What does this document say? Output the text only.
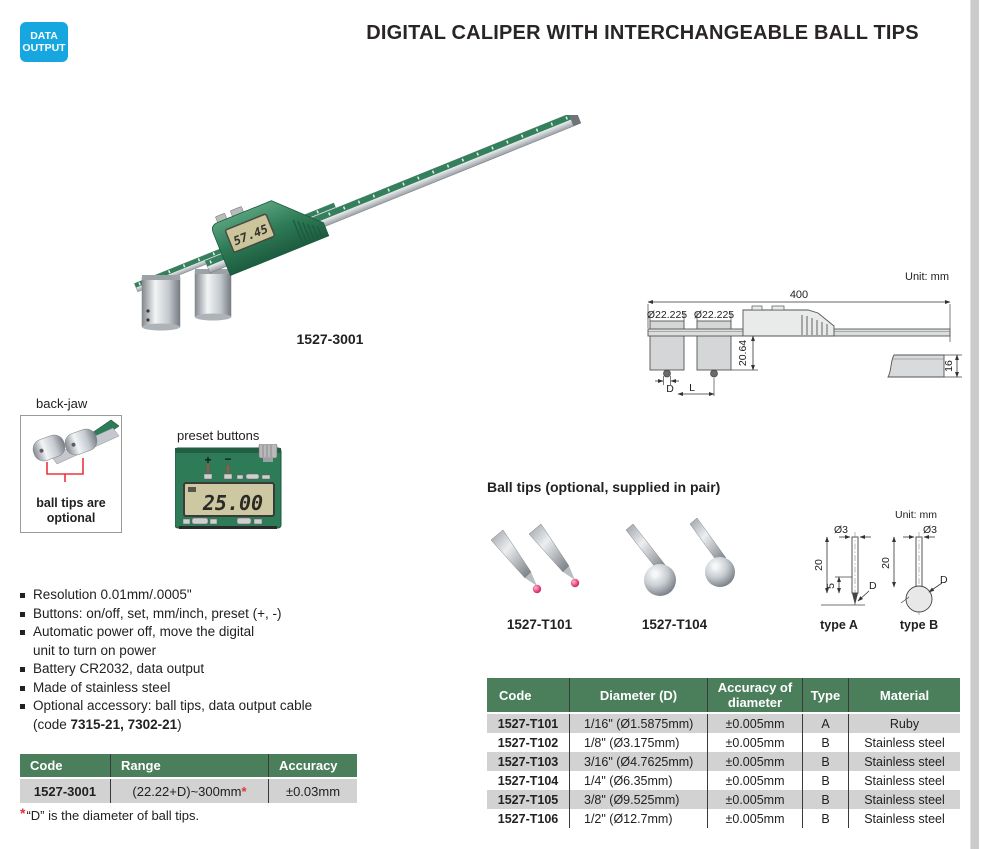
DATA
OUTPUT
DIGITAL CALIPER WITH INTERCHANGEABLE BALL TIPS
57.45
1527-3001
Unit: mm
400
Ø22.225 Ø22.225
20.64
D L
16
back-jaw
ball tips are
optional
preset buttons
+ −
25.00
Resolution 0.01mm/.0005"
Buttons: on/off, set, mm/inch, preset (+, -)
Automatic power off, move the digital
unit to turn on power
Battery CR2032, data output
Made of stainless steel
Optional accessory: ball tips, data output cable
(code 7315-21, 7302-21)
Code	Range	Accuracy
1527-3001	(22.22+D)~300mm *	±0.03mm
*“D” is the diameter of ball tips.
Ball tips (optional, supplied in pair)
1527-T101	1527-T104
Unit: mm
Ø3
20
5	D
type A
Ø3
20
D
type B
Code	Diameter (D)	Accuracy of diameter	Type	Material
1527-T101	1/16" (Ø1.5875mm)	±0.005mm	A	Ruby
1527-T102	1/8" (Ø3.175mm)	±0.005mm	B	Stainless steel
1527-T103	3/16" (Ø4.7625mm)	±0.005mm	B	Stainless steel
1527-T104	1/4" (Ø6.35mm)	±0.005mm	B	Stainless steel
1527-T105	3/8" (Ø9.525mm)	±0.005mm	B	Stainless steel
1527-T106	1/2" (Ø12.7mm)	±0.005mm	B	Stainless steel
